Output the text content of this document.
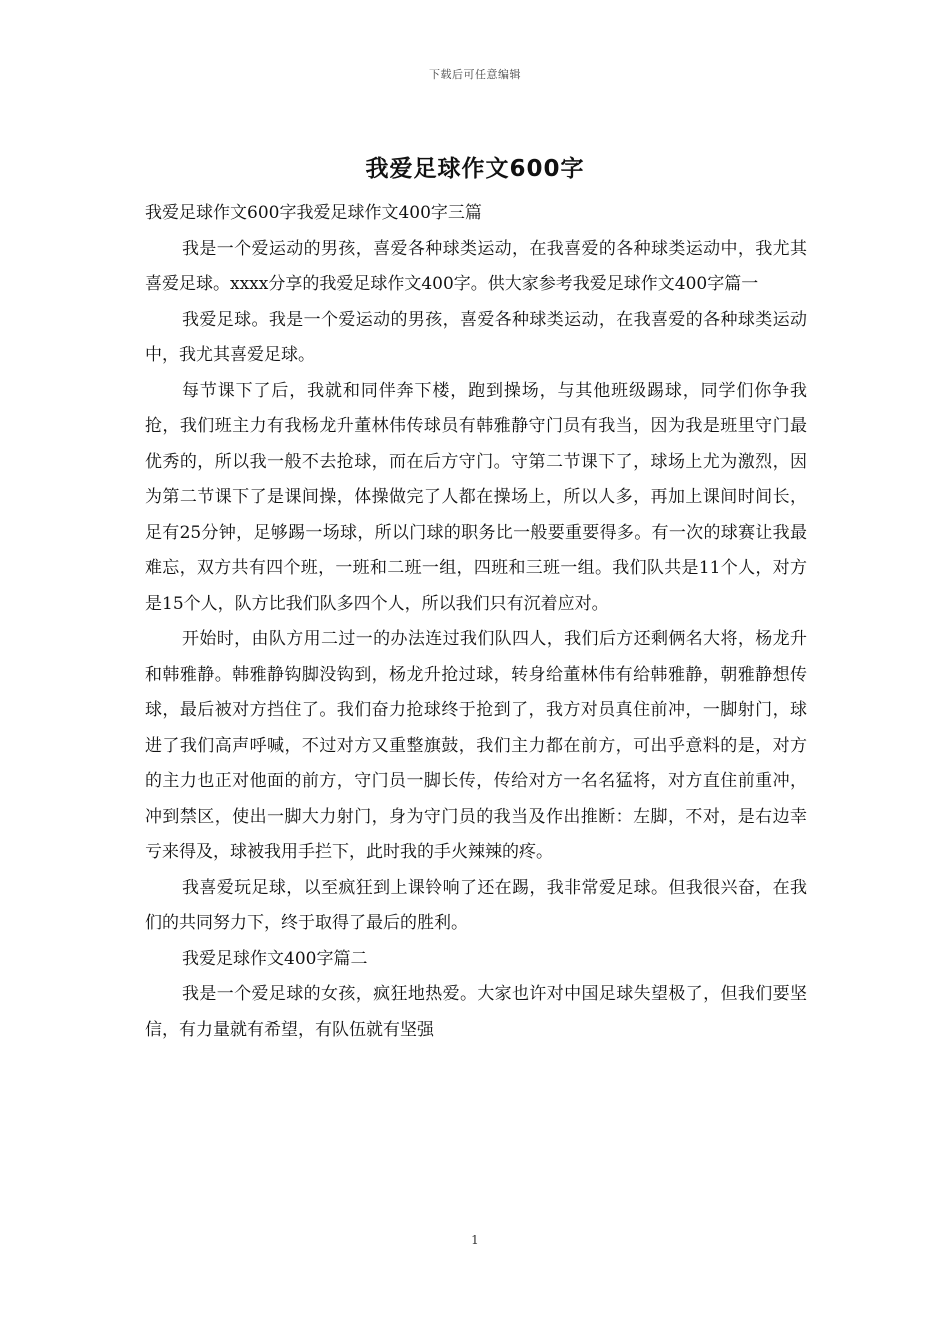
下载后可任意编辑
我爱足球作文600字

我爱足球作文600字我爱足球作文400字三篇

我是一个爱运动的男孩，喜爱各种球类运动，在我喜爱的各种球类运动中，我尤其喜爱足球。xxxx分享的我爱足球作文400字。供大家参考我爱足球作文400字篇一

我爱足球。我是一个爱运动的男孩，喜爱各种球类运动，在我喜爱的各种球类运动中，我尤其喜爱足球。

每节课下了后，我就和同伴奔下楼，跑到操场，与其他班级踢球，同学们你争我抢，我们班主力有我杨龙升董林伟传球员有韩雅静守门员有我当，因为我是班里守门最优秀的，所以我一般不去抢球，而在后方守门。守第二节课下了，球场上尤为激烈，因为第二节课下了是课间操，体操做完了人都在操场上，所以人多，再加上课间时间长，足有25分钟，足够踢一场球，所以门球的职务比一般要重要得多。有一次的球赛让我最难忘，双方共有四个班，一班和二班一组，四班和三班一组。我们队共是11个人，对方是15个人，队方比我们队多四个人，所以我们只有沉着应对。

开始时，由队方用二过一的办法连过我们队四人，我们后方还剩俩名大将，杨龙升和韩雅静。韩雅静钩脚没钩到，杨龙升抢过球，转身给董林伟有给韩雅静，朝雅静想传球，最后被对方挡住了。我们奋力抢球终于抢到了，我方对员真住前冲，一脚射门，球进了我们高声呼喊，不过对方又重整旗鼓，我们主力都在前方，可出乎意料的是，对方的主力也正对他面的前方，守门员一脚长传，传给对方一名名猛将，对方直住前重冲，冲到禁区，使出一脚大力射门，身为守门员的我当及作出推断：左脚，不对，是右边幸亏来得及，球被我用手拦下，此时我的手火辣辣的疼。

我喜爱玩足球，以至疯狂到上课铃响了还在踢，我非常爱足球。但我很兴奋，在我们的共同努力下，终于取得了最后的胜利。

我爱足球作文400字篇二

我是一个爱足球的女孩，疯狂地热爱。大家也许对中国足球失望极了，但我们要坚信，有力量就有希望，有队伍就有坚强

1
